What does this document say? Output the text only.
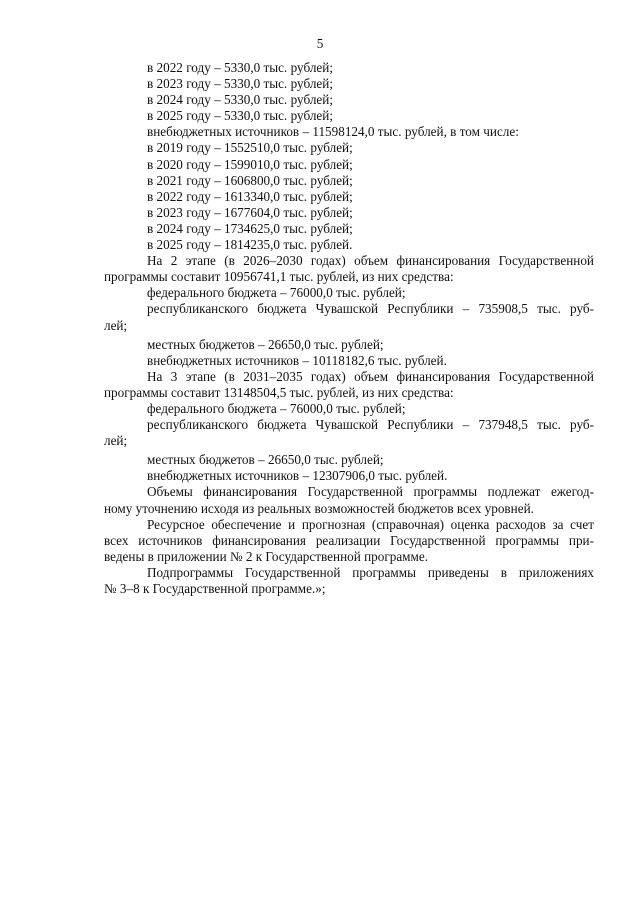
5
в 2022 году – 5330,0 тыс. рублей;
в 2023 году – 5330,0 тыс. рублей;
в 2024 году – 5330,0 тыс. рублей;
в 2025 году – 5330,0 тыс. рублей;
внебюджетных источников – 11598124,0 тыс. рублей, в том числе:
в 2019 году – 1552510,0 тыс. рублей;
в 2020 году – 1599010,0 тыс. рублей;
в 2021 году – 1606800,0 тыс. рублей;
в 2022 году – 1613340,0 тыс. рублей;
в 2023 году – 1677604,0 тыс. рублей;
в 2024 году – 1734625,0 тыс. рублей;
в 2025 году – 1814235,0 тыс. рублей.
На 2 этапе (в 2026–2030 годах) объем финансирования Государственной
программы составит 10956741,1 тыс. рублей, из них средства:
федерального бюджета – 76000,0 тыс. рублей;
республиканского бюджета Чувашской Республики – 735908,5 тыс. руб-
лей;
местных бюджетов – 26650,0 тыс. рублей;
внебюджетных источников – 10118182,6 тыс. рублей.
На 3 этапе (в 2031–2035 годах) объем финансирования Государственной
программы составит 13148504,5 тыс. рублей, из них средства:
федерального бюджета – 76000,0 тыс. рублей;
республиканского бюджета Чувашской Республики – 737948,5 тыс. руб-
лей;
местных бюджетов – 26650,0 тыс. рублей;
внебюджетных источников – 12307906,0 тыс. рублей.
Объемы финансирования Государственной программы подлежат ежегод-
ному уточнению исходя из реальных возможностей бюджетов всех уровней.
Ресурсное обеспечение и прогнозная (справочная) оценка расходов за счет
всех источников финансирования реализации Государственной программы при-
ведены в приложении № 2 к Государственной программе.
Подпрограммы Государственной программы приведены в приложениях
№ 3–8 к Государственной программе.»;
